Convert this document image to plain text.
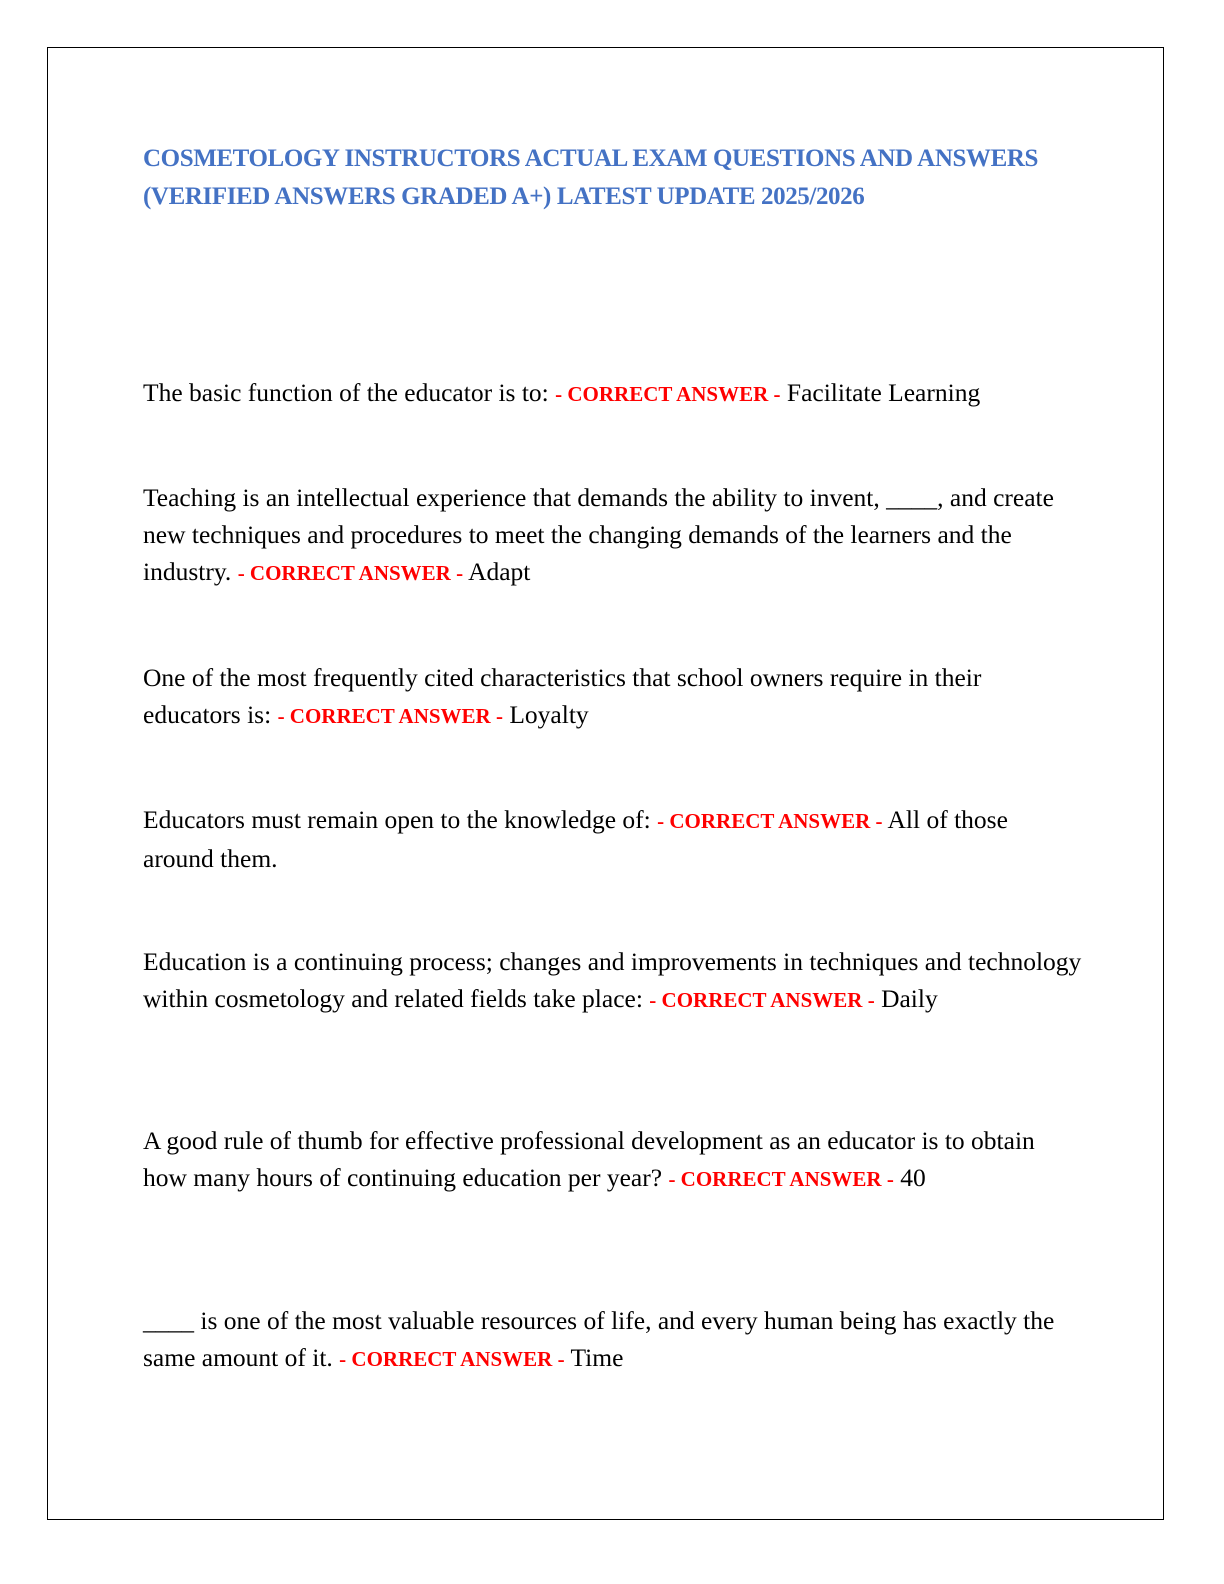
COSMETOLOGY INSTRUCTORS ACTUAL EXAM QUESTIONS AND ANSWERS (VERIFIED ANSWERS GRADED A+) LATEST UPDATE 2025/2026

The basic function of the educator is to: - CORRECT ANSWER - Facilitate Learning

Teaching is an intellectual experience that demands the ability to invent, ____, and create new techniques and procedures to meet the changing demands of the learners and the industry. - CORRECT ANSWER - Adapt

One of the most frequently cited characteristics that school owners require in their educators is: - CORRECT ANSWER - Loyalty

Educators must remain open to the knowledge of: - CORRECT ANSWER - All of those around them.

Education is a continuing process; changes and improvements in techniques and technology within cosmetology and related fields take place: - CORRECT ANSWER - Daily

A good rule of thumb for effective professional development as an educator is to obtain how many hours of continuing education per year? - CORRECT ANSWER - 40

____ is one of the most valuable resources of life, and every human being has exactly the same amount of it. - CORRECT ANSWER - Time
